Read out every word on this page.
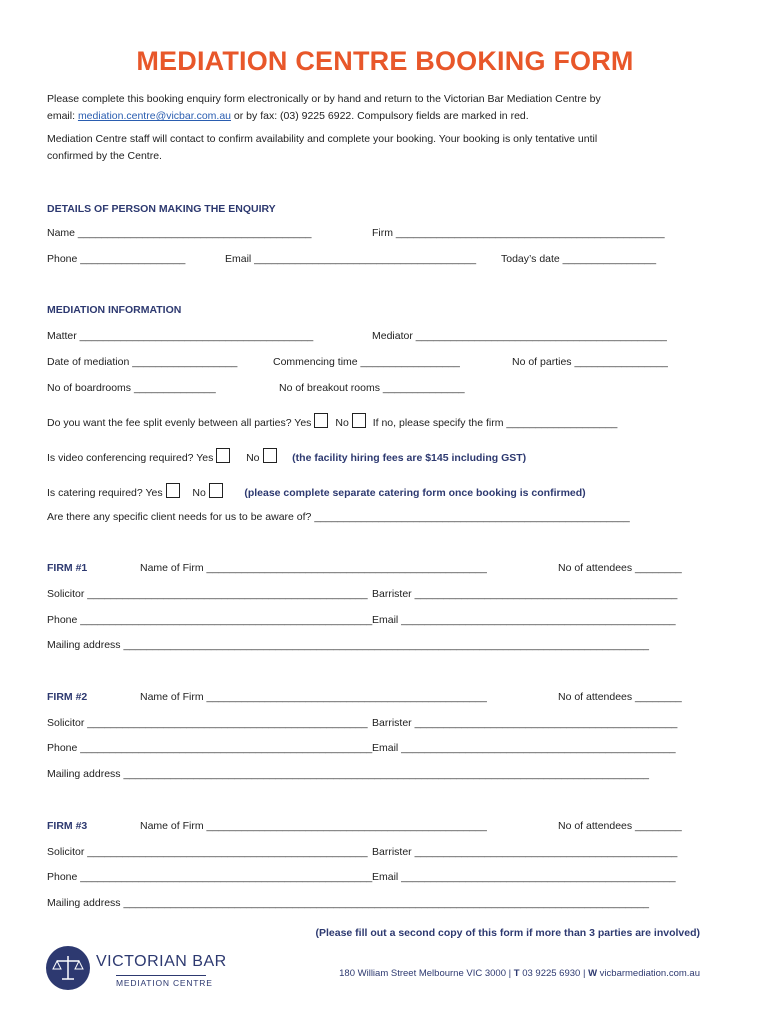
MEDIATION CENTRE BOOKING FORM
Please complete this booking enquiry form electronically or by hand and return to the Victorian Bar Mediation Centre by
email: mediation.centre@vicbar.com.au or by fax: (03) 9225 6922. Compulsory fields are marked in red.
Mediation Centre staff will contact to confirm availability and complete your booking. Your booking is only tentative until
confirmed by the Centre.
DETAILS OF PERSON MAKING THE ENQUIRY
Name ________________________________________	Firm ______________________________________________
Phone __________________	Email ______________________________________ Today’s date ________________
MEDIATION INFORMATION
Matter ________________________________________	Mediator ___________________________________________
Date of mediation __________________	Commencing time _________________	No of parties ________________
No of boardrooms ______________	No of breakout rooms ______________
Do you want the fee split evenly between all parties? Yes No If no, please specify the firm ___________________
Is video conferencing required? Yes	No	(the facility hiring fees are $145 including GST)
Is catering required? Yes	No	(please complete separate catering form once booking is confirmed)
Are there any specific client needs for us to be aware of? ______________________________________________________
FIRM #1	Name of Firm ________________________________________________	No of attendees ________
Solicitor ________________________________________________ Barrister _____________________________________________
Phone __________________________________________________ Email _______________________________________________
Mailing address __________________________________________________________________________________________
FIRM #2	Name of Firm ________________________________________________	No of attendees ________
Solicitor ________________________________________________ Barrister _____________________________________________
Phone __________________________________________________ Email _______________________________________________
Mailing address __________________________________________________________________________________________
FIRM #3	Name of Firm ________________________________________________	No of attendees ________
Solicitor ________________________________________________ Barrister _____________________________________________
Phone __________________________________________________ Email _______________________________________________
Mailing address __________________________________________________________________________________________
(Please fill out a second copy of this form if more than 3 parties are involved)
VICTORIAN BAR
MEDIATION CENTRE
180 William Street Melbourne VIC 3000 | T 03 9225 6930 | W vicbarmediation.com.au
